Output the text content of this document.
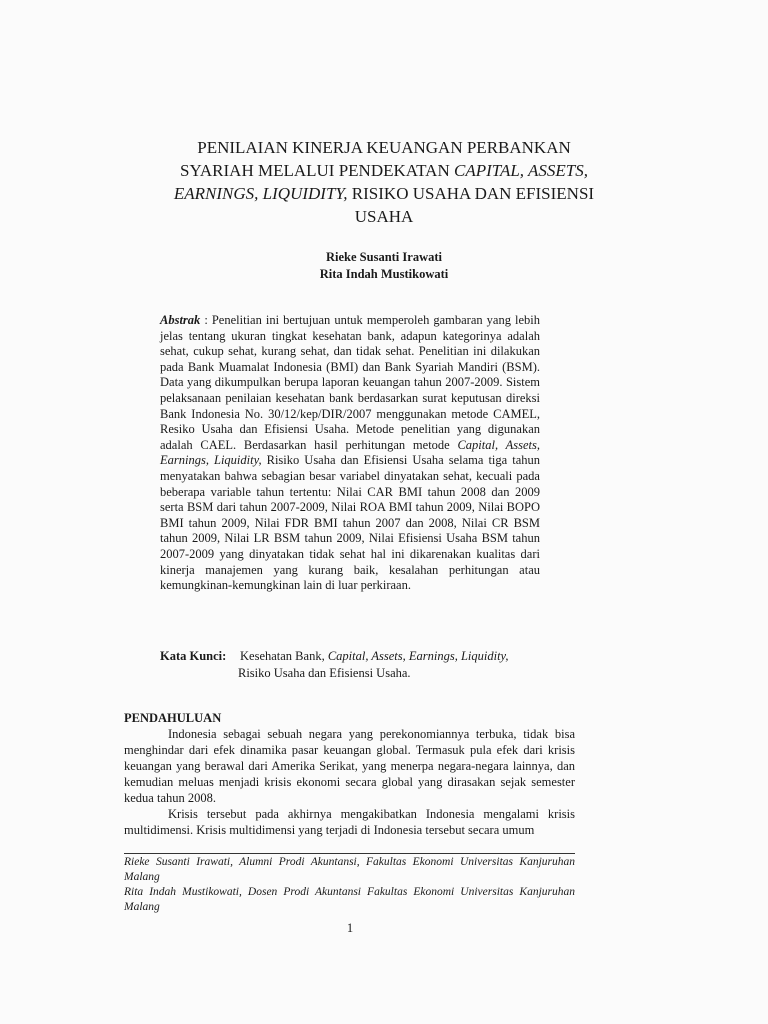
PENILAIAN KINERJA KEUANGAN PERBANKAN
SYARIAH MELALUI PENDEKATAN CAPITAL, ASSETS,
EARNINGS, LIQUIDITY, RISIKO USAHA DAN EFISIENSI
USAHA
Rieke Susanti Irawati
Rita Indah Mustikowati
Abstrak : Penelitian ini bertujuan untuk memperoleh gambaran yang lebih jelas tentang ukuran tingkat kesehatan bank, adapun kategorinya adalah sehat, cukup sehat, kurang sehat, dan tidak sehat. Penelitian ini dilakukan pada Bank Muamalat Indonesia (BMI) dan Bank Syariah Mandiri (BSM). Data yang dikumpulkan berupa laporan keuangan tahun 2007-2009. Sistem pelaksanaan penilaian kesehatan bank berdasarkan surat keputusan direksi Bank Indonesia No. 30/12/kep/DIR/2007 menggunakan metode CAMEL, Resiko Usaha dan Efisiensi Usaha. Metode penelitian yang digunakan adalah CAEL. Berdasarkan hasil perhitungan metode Capital, Assets, Earnings, Liquidity, Risiko Usaha dan Efisiensi Usaha selama tiga tahun menyatakan bahwa sebagian besar variabel dinyatakan sehat, kecuali pada beberapa variable tahun tertentu: Nilai CAR BMI tahun 2008 dan 2009 serta BSM dari tahun 2007-2009, Nilai ROA BMI tahun 2009, Nilai BOPO BMI tahun 2009, Nilai FDR BMI tahun 2007 dan 2008, Nilai CR BSM tahun 2009, Nilai LR BSM tahun 2009, Nilai Efisiensi Usaha BSM tahun 2007-2009 yang dinyatakan tidak sehat hal ini dikarenakan kualitas dari kinerja manajemen yang kurang baik, kesalahan perhitungan atau kemungkinan-kemungkinan lain di luar perkiraan.
Kata Kunci:	Kesehatan Bank, Capital, Assets, Earnings, Liquidity,
Risiko Usaha dan Efisiensi Usaha.
PENDAHULUAN

Indonesia sebagai sebuah negara yang perekonomiannya terbuka, tidak bisa menghindar dari efek dinamika pasar keuangan global. Termasuk pula efek dari krisis keuangan yang berawal dari Amerika Serikat, yang menerpa negara-negara lainnya, dan kemudian meluas menjadi krisis ekonomi secara global yang dirasakan sejak semester kedua tahun 2008.

Krisis tersebut pada akhirnya mengakibatkan Indonesia mengalami krisis multidimensi. Krisis multidimensi yang terjadi di Indonesia tersebut secara umum

Rieke Susanti Irawati, Alumni Prodi Akuntansi, Fakultas Ekonomi Universitas Kanjuruhan Malang

Rita Indah Mustikowati, Dosen Prodi Akuntansi Fakultas Ekonomi Universitas Kanjuruhan Malang

1
